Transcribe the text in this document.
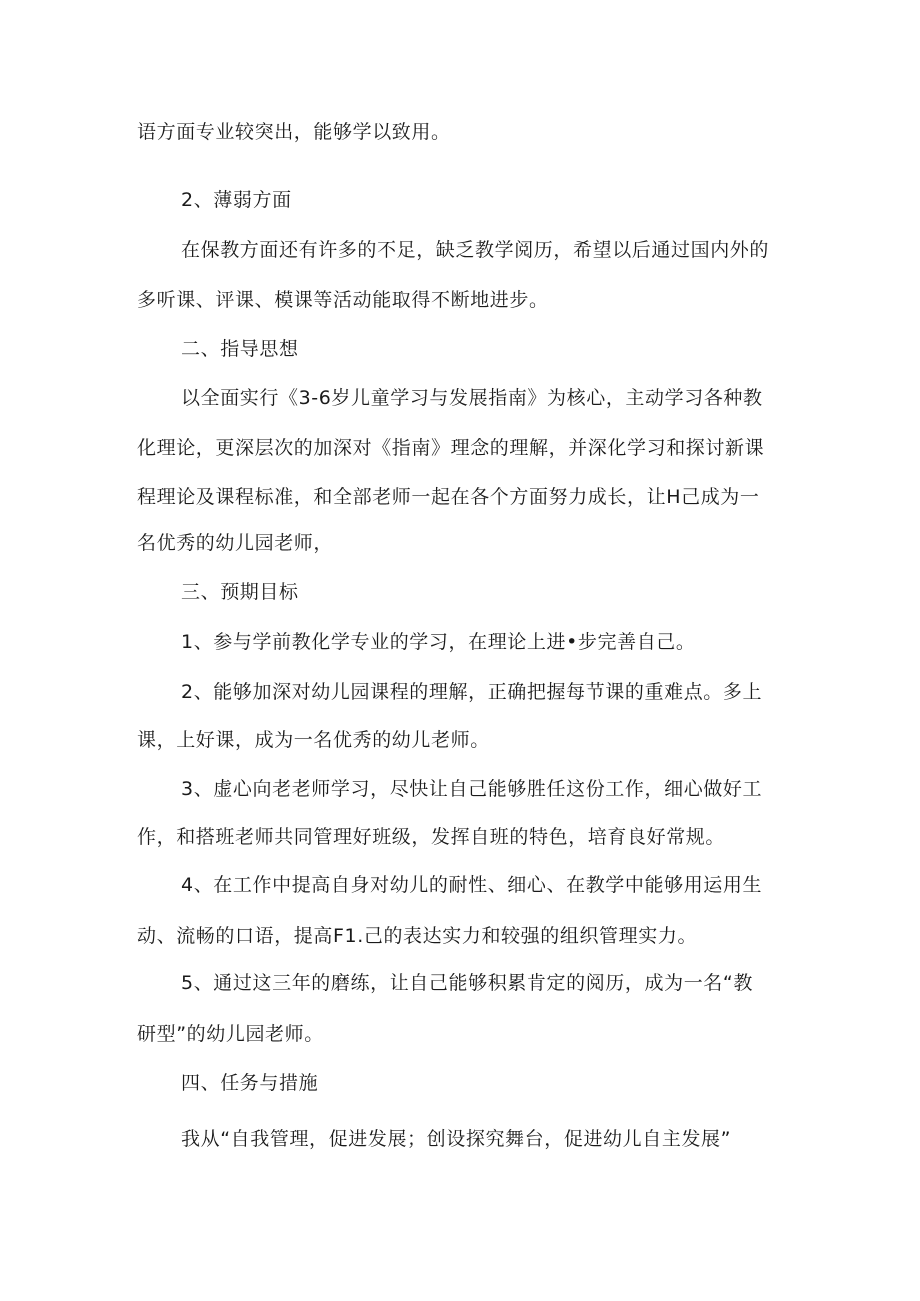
语方面专业较突出，能够学以致用。
2、薄弱方面
在保教方面还有许多的不足，缺乏教学阅历，希望以后通过国内外的
多听课、评课、模课等活动能取得不断地进步。
二、指导思想
以全面实行《3-6岁儿童学习与发展指南》为核心，主动学习各种教
化理论，更深层次的加深对《指南》理念的理解，并深化学习和探讨新课
程理论及课程标准，和全部老师一起在各个方面努力成长，让H己成为一
名优秀的幼儿园老师，
三、预期目标
1、参与学前教化学专业的学习，在理论上进•步完善自己。
2、能够加深对幼儿园课程的理解，正确把握每节课的重难点。多上
课，上好课，成为一名优秀的幼儿老师。
3、虚心向老老师学习，尽快让自己能够胜任这份工作，细心做好工
作，和搭班老师共同管理好班级，发挥自班的特色，培育良好常规。
4、在工作中提高自身对幼儿的耐性、细心、在教学中能够用运用生
动、流畅的口语，提高F1.己的表达实力和较强的组织管理实力。
5、通过这三年的磨练，让自己能够积累肯定的阅历，成为一名“教
研型”的幼儿园老师。
四、任务与措施
我从“自我管理，促进发展；创设探究舞台，促进幼儿自主发展”
